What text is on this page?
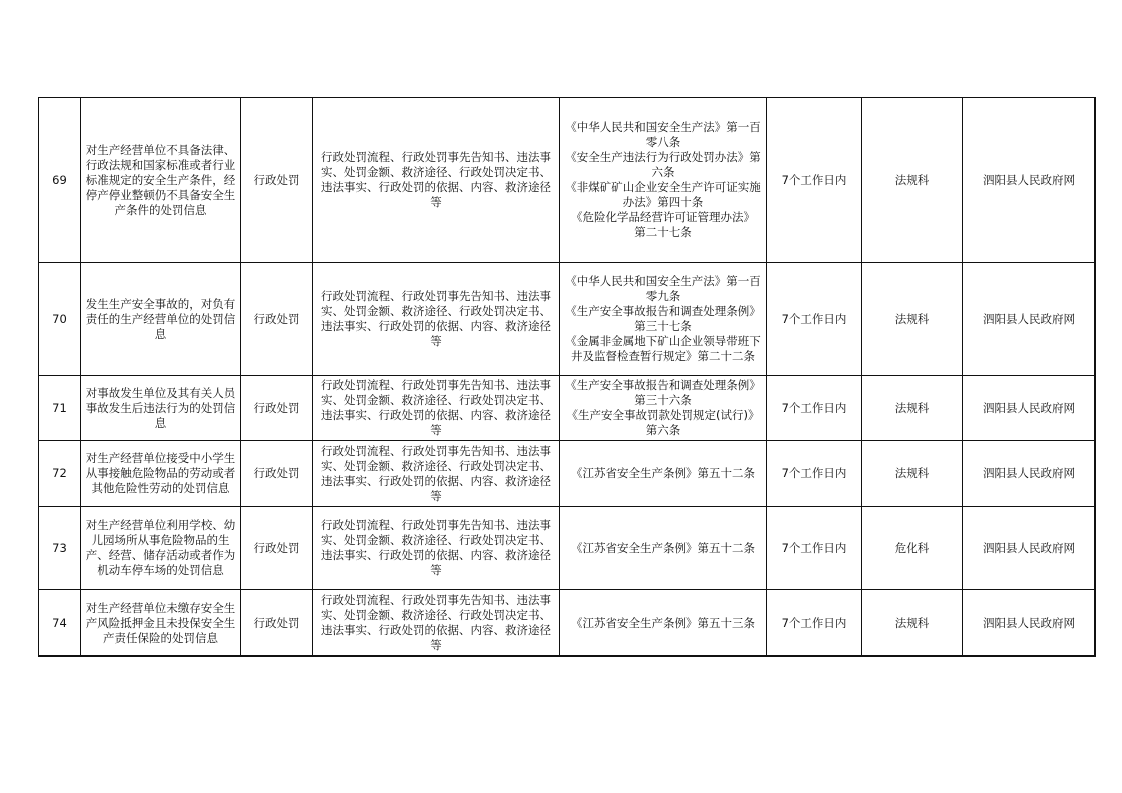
69	对生产经营单位不具备法律、行政法规和国家标准或者行业标准规定的安全生产条件，经停产停业整顿仍不具备安全生产条件的处罚信息	行政处罚	行政处罚流程、行政处罚事先告知书、违法事实、处罚金额、救济途径、行政处罚决定书、违法事实、行政处罚的依据、内容、救济途径等	《中华人民共和国安全生产法》第一百零八条
《安全生产违法行为行政处罚办法》第六条
《非煤矿矿山企业安全生产许可证实施办法》第四十条
《危险化学品经营许可证管理办法》
第二十七条	7个工作日内	法规科	泗阳县人民政府网
70	发生生产安全事故的，对负有责任的生产经营单位的处罚信息	行政处罚	行政处罚流程、行政处罚事先告知书、违法事实、处罚金额、救济途径、行政处罚决定书、违法事实、行政处罚的依据、内容、救济途径等	《中华人民共和国安全生产法》第一百零九条
《生产安全事故报告和调查处理条例》第三十七条
《金属非金属地下矿山企业领导带班下井及监督检查暂行规定》第二十二条	7个工作日内	法规科	泗阳县人民政府网
71	对事故发生单位及其有关人员事故发生后违法行为的处罚信息	行政处罚	行政处罚流程、行政处罚事先告知书、违法事实、处罚金额、救济途径、行政处罚决定书、违法事实、行政处罚的依据、内容、救济途径等	《生产安全事故报告和调查处理条例》第三十六条
《生产安全事故罚款处罚规定(试行)》第六条	7个工作日内	法规科	泗阳县人民政府网
72	对生产经营单位接受中小学生从事接触危险物品的劳动或者其他危险性劳动的处罚信息	行政处罚	行政处罚流程、行政处罚事先告知书、违法事实、处罚金额、救济途径、行政处罚决定书、违法事实、行政处罚的依据、内容、救济途径等	《江苏省安全生产条例》第五十二条	7个工作日内	法规科	泗阳县人民政府网
73	对生产经营单位利用学校、幼儿园场所从事危险物品的生产、经营、储存活动或者作为机动车停车场的处罚信息	行政处罚	行政处罚流程、行政处罚事先告知书、违法事实、处罚金额、救济途径、行政处罚决定书、违法事实、行政处罚的依据、内容、救济途径等	《江苏省安全生产条例》第五十二条	7个工作日内	危化科	泗阳县人民政府网
74	对生产经营单位未缴存安全生产风险抵押金且未投保安全生产责任保险的处罚信息	行政处罚	行政处罚流程、行政处罚事先告知书、违法事实、处罚金额、救济途径、行政处罚决定书、违法事实、行政处罚的依据、内容、救济途径等	《江苏省安全生产条例》第五十三条	7个工作日内	法规科	泗阳县人民政府网
